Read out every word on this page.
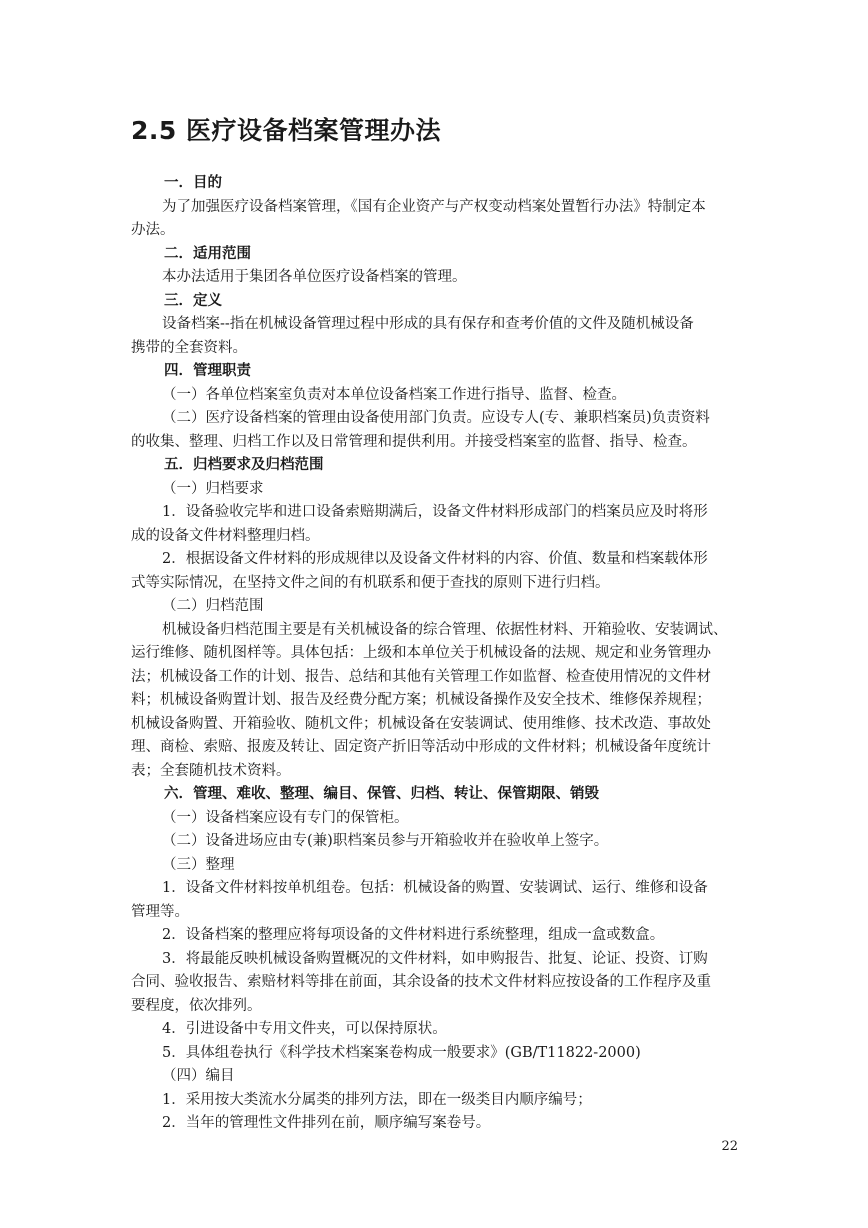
2.5 医疗设备档案管理办法
一．目的
为了加强医疗设备档案管理，《国有企业资产与产权变动档案处置暂行办法》特制定本
办法。
二．适用范围
本办法适用于集团各单位医疗设备档案的管理。
三．定义
设备档案--指在机械设备管理过程中形成的具有保存和查考价值的文件及随机械设备
携带的全套资料。
四．管理职责
（一）各单位档案室负责对本单位设备档案工作进行指导、监督、检查。
（二）医疗设备档案的管理由设备使用部门负责。应设专人(专、兼职档案员)负责资料
的收集、整理、归档工作以及日常管理和提供利用。并接受档案室的监督、指导、检查。
五．归档要求及归档范围
（一）归档要求
1．设备验收完毕和进口设备索赔期满后，设备文件材料形成部门的档案员应及时将形
成的设备文件材料整理归档。
2．根据设备文件材料的形成规律以及设备文件材料的内容、价值、数量和档案载体形
式等实际情况，在坚持文件之间的有机联系和便于查找的原则下进行归档。
（二）归档范围
机械设备归档范围主要是有关机械设备的综合管理、依据性材料、开箱验收、安装调试、
运行维修、随机图样等。具体包括：上级和本单位关于机械设备的法规、规定和业务管理办
法；机械设备工作的计划、报告、总结和其他有关管理工作如监督、检查使用情况的文件材
料；机械设备购置计划、报告及经费分配方案；机械设备操作及安全技术、维修保养规程；
机械设备购置、开箱验收、随机文件；机械设备在安装调试、使用维修、技术改造、事故处
理、商检、索赔、报废及转让、固定资产折旧等活动中形成的文件材料；机械设备年度统计
表；全套随机技术资料。
六．管理、难收、整理、编目、保管、归档、转让、保管期限、销毁
（一）设备档案应设有专门的保管柜。
（二）设备进场应由专(兼)职档案员参与开箱验收并在验收单上签字。
（三）整理
1．设备文件材料按单机组卷。包括：机械设备的购置、安装调试、运行、维修和设备
管理等。
2．设备档案的整理应将每项设备的文件材料进行系统整理，组成一盒或数盒。
3．将最能反映机械设备购置概况的文件材料，如申购报告、批复、论证、投资、订购
合同、验收报告、索赔材料等排在前面，其余设备的技术文件材料应按设备的工作程序及重
要程度，依次排列。
4．引进设备中专用文件夹，可以保持原状。
5．具体组卷执行《科学技术档案案卷构成一般要求》(GB/T11822-2000)
（四）编目
1．采用按大类流水分属类的排列方法，即在一级类目内顺序编号；
2．当年的管理性文件排列在前，顺序编写案卷号。
22
